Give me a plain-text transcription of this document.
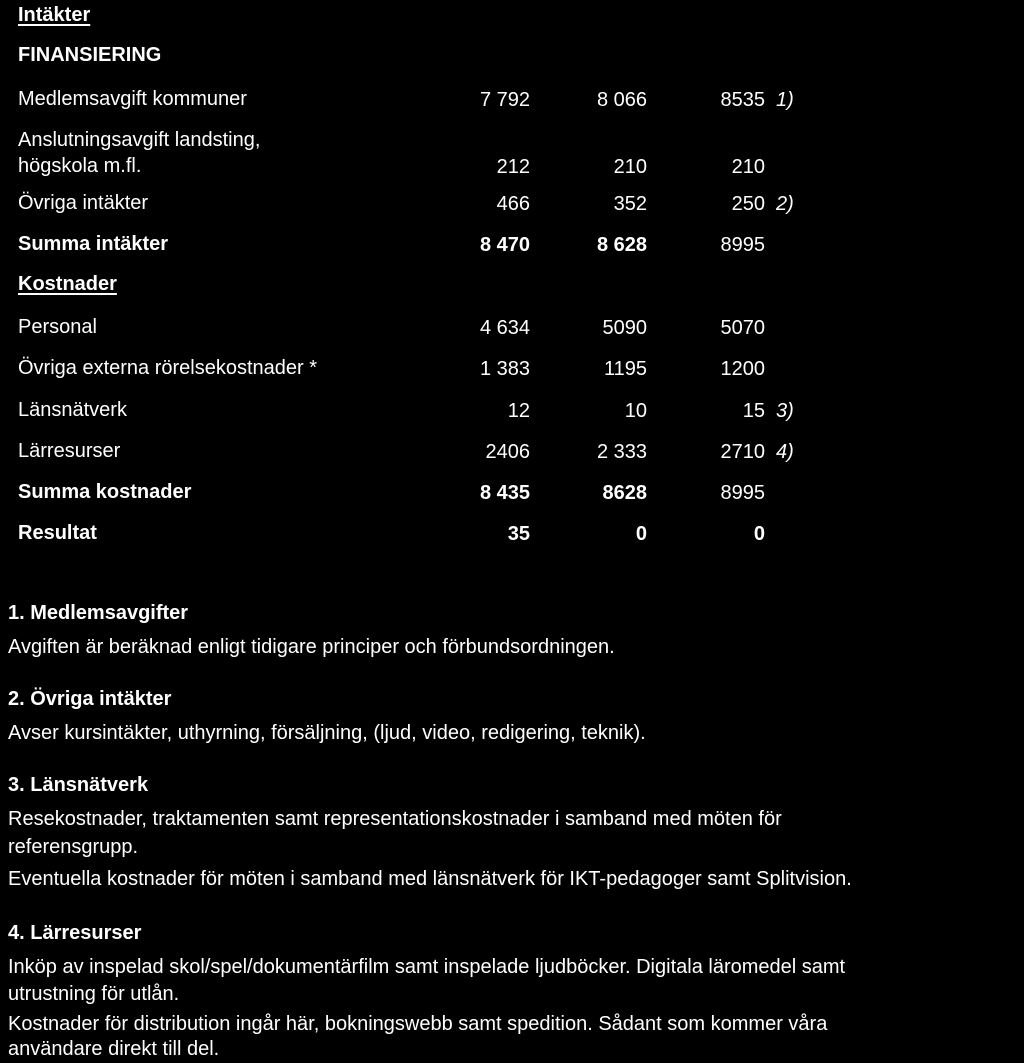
Intäkter
FINANSIERING
Medlemsavgift kommuner	7 792	8 066	8535 1)
Anslutningsavgift landsting,
högskola m.fl.	212	210	210
Övriga intäkter	466	352	250 2)
Summa intäkter	8 470	8 628	8995
Kostnader
Personal	4 634	5090	5070
Övriga externa rörelsekostnader *	1 383	1195	1200
Länsnätverk	12	10	15 3)
Lärresurser	2406	2 333	2710 4)
Summa kostnader	8 435	8628	8995
Resultat	35	0	0
1. Medlemsavgifter
Avgiften är beräknad enligt tidigare principer och förbundsordningen.
2. Övriga intäkter
Avser kursintäkter, uthyrning, försäljning, (ljud, video, redigering, teknik).
3. Länsnätverk
Resekostnader, traktamenten samt representationskostnader i samband med möten för
referensgrupp.
Eventuella kostnader för möten i samband med länsnätverk för IKT-pedagoger samt Splitvision.
4. Lärresurser
Inköp av inspelad skol/spel/dokumentärfilm samt inspelade ljudböcker. Digitala läromedel samt
utrustning för utlån.
Kostnader för distribution ingår här, bokningswebb samt spedition. Sådant som kommer våra
användare direkt till del.
